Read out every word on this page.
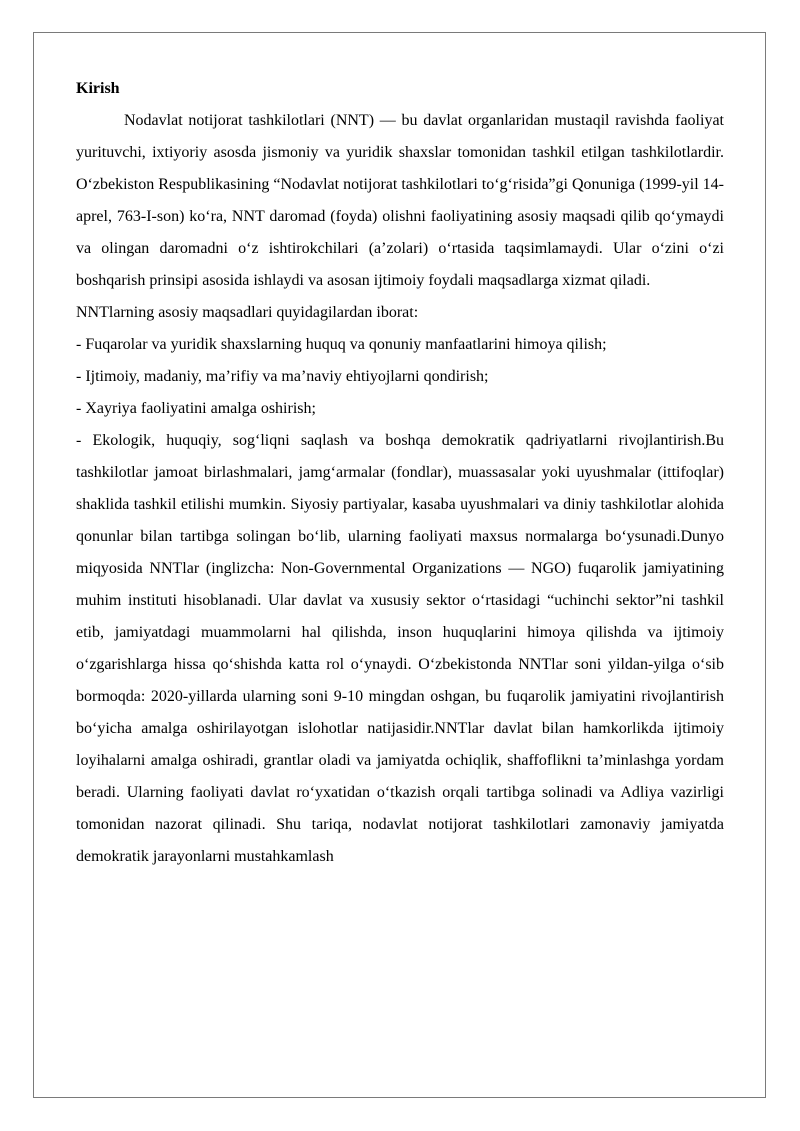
Kirish

Nodavlat notijorat tashkilotlari (NNT) — bu davlat organlaridan mustaqil ravishda faoliyat yurituvchi, ixtiyoriy asosda jismoniy va yuridik shaxslar tomonidan tashkil etilgan tashkilotlardir. O‘zbekiston Respublikasining “Nodavlat notijorat tashkilotlari to‘g‘risida”gi Qonuniga (1999-yil 14-aprel, 763-I-son) ko‘ra, NNT daromad (foyda) olishni faoliyatining asosiy maqsadi qilib qo‘ymaydi va olingan daromadni o‘z ishtirokchilari (a’zolari) o‘rtasida taqsimlamaydi. Ular o‘zini o‘zi boshqarish prinsipi asosida ishlaydi va asosan ijtimoiy foydali maqsadlarga xizmat qiladi.

NNTlarning asosiy maqsadlari quyidagilardan iborat:

- Fuqarolar va yuridik shaxslarning huquq va qonuniy manfaatlarini himoya qilish;

- Ijtimoiy, madaniy, ma’rifiy va ma’naviy ehtiyojlarni qondirish;

- Xayriya faoliyatini amalga oshirish;

- Ekologik, huquqiy, sog‘liqni saqlash va boshqa demokratik qadriyatlarni rivojlantirish.Bu tashkilotlar jamoat birlashmalari, jamg‘armalar (fondlar), muassasalar yoki uyushmalar (ittifoqlar) shaklida tashkil etilishi mumkin. Siyosiy partiyalar, kasaba uyushmalari va diniy tashkilotlar alohida qonunlar bilan tartibga solingan bo‘lib, ularning faoliyati maxsus normalarga bo‘ysunadi.Dunyo miqyosida NNTlar (inglizcha: Non-Governmental Organizations — NGO) fuqarolik jamiyatining muhim instituti hisoblanadi. Ular davlat va xususiy sektor o‘rtasidagi “uchinchi sektor”ni tashkil etib, jamiyatdagi muammolarni hal qilishda, inson huquqlarini himoya qilishda va ijtimoiy o‘zgarishlarga hissa qo‘shishda katta rol o‘ynaydi. O‘zbekistonda NNTlar soni yildan-yilga o‘sib bormoqda: 2020-yillarda ularning soni 9-10 mingdan oshgan, bu fuqarolik jamiyatini rivojlantirish bo‘yicha amalga oshirilayotgan islohotlar natijasidir.NNTlar davlat bilan hamkorlikda ijtimoiy loyihalarni amalga oshiradi, grantlar oladi va jamiyatda ochiqlik, shaffoflikni ta’minlashga yordam beradi. Ularning faoliyati davlat ro‘yxatidan o‘tkazish orqali tartibga solinadi va Adliya vazirligi tomonidan nazorat qilinadi. Shu tariqa, nodavlat notijorat tashkilotlari zamonaviy jamiyatda demokratik jarayonlarni mustahkamlash
